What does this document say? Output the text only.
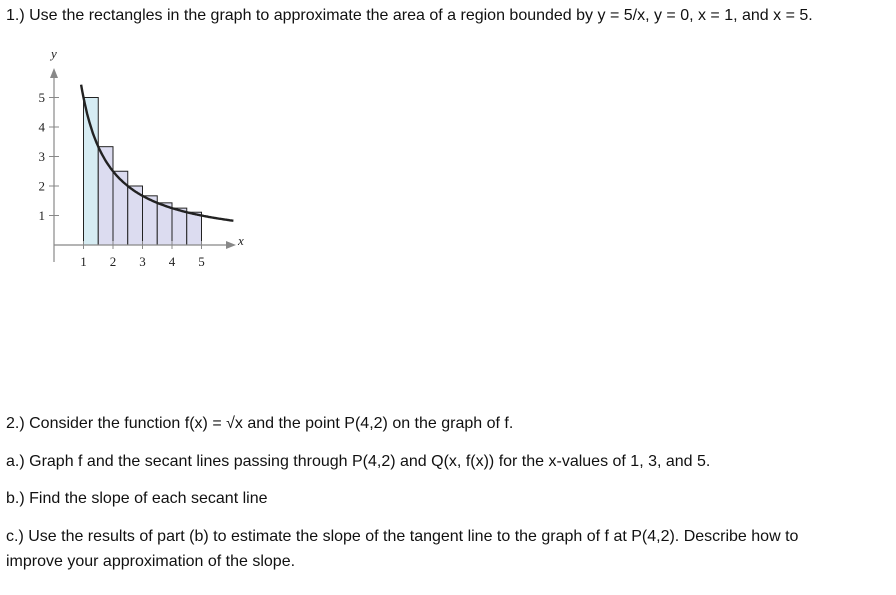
1.) Use the rectangles in the graph to approximate the area of a region bounded by y = 5/x, y = 0, x = 1, and x = 5.
1 2 3 4 5
1
2
3
4
5
y
x
2.) Consider the function f(x) = √x and the point P(4,2) on the graph of f.
a.) Graph f and the secant lines passing through P(4,2) and Q(x, f(x)) for the x-values of 1, 3, and 5.
b.) Find the slope of each secant line
c.) Use the results of part (b) to estimate the slope of the tangent line to the graph of f at P(4,2). Describe how to
improve your approximation of the slope.
